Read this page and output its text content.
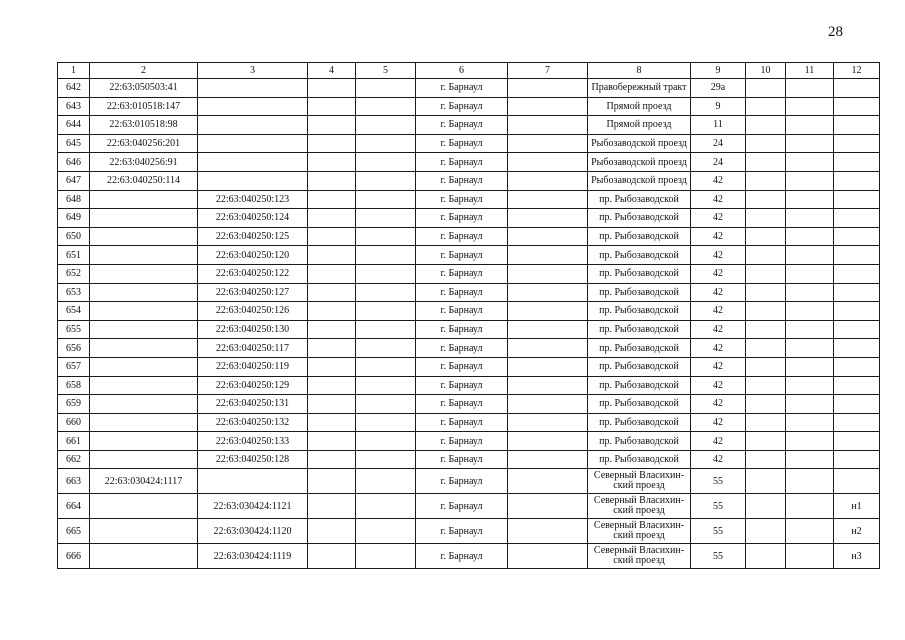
28
1	2	3	4	5	6	7	8	9	10	11	12
642	22:63:050503:41				г. Барнаул		Правобережный тракт	29а			
643	22:63:010518:147				г. Барнаул		Прямой проезд	9			
644	22:63:010518:98				г. Барнаул		Прямой проезд	11			
645	22:63:040256:201				г. Барнаул		Рыбозаводской проезд	24			
646	22:63:040256:91				г. Барнаул		Рыбозаводской проезд	24			
647	22:63:040250:114				г. Барнаул		Рыбозаводской проезд	42			
648		22:63:040250:123			г. Барнаул		пр. Рыбозаводской	42			
649		22:63:040250:124			г. Барнаул		пр. Рыбозаводской	42			
650		22:63:040250:125			г. Барнаул		пр. Рыбозаводской	42			
651		22:63:040250:120			г. Барнаул		пр. Рыбозаводской	42			
652		22:63:040250:122			г. Барнаул		пр. Рыбозаводской	42			
653		22:63:040250:127			г. Барнаул		пр. Рыбозаводской	42			
654		22:63:040250:126			г. Барнаул		пр. Рыбозаводской	42			
655		22:63:040250:130			г. Барнаул		пр. Рыбозаводской	42			
656		22:63:040250:117			г. Барнаул		пр. Рыбозаводской	42			
657		22:63:040250:119			г. Барнаул		пр. Рыбозаводской	42			
658		22:63:040250:129			г. Барнаул		пр. Рыбозаводской	42			
659		22:63:040250:131			г. Барнаул		пр. Рыбозаводской	42			
660		22:63:040250:132			г. Барнаул		пр. Рыбозаводской	42			
661		22:63:040250:133			г. Барнаул		пр. Рыбозаводской	42			
662		22:63:040250:128			г. Барнаул		пр. Рыбозаводской	42			
663	22:63:030424:1117				г. Барнаул		Северный Власихин-ский проезд	55			
664		22:63:030424:1121			г. Барнаул		Северный Власихин-ский проезд	55			н1
665		22:63:030424:1120			г. Барнаул		Северный Власихин-ский проезд	55			н2
666		22:63:030424:1119			г. Барнаул		Северный Власихин-ский проезд	55			н3
